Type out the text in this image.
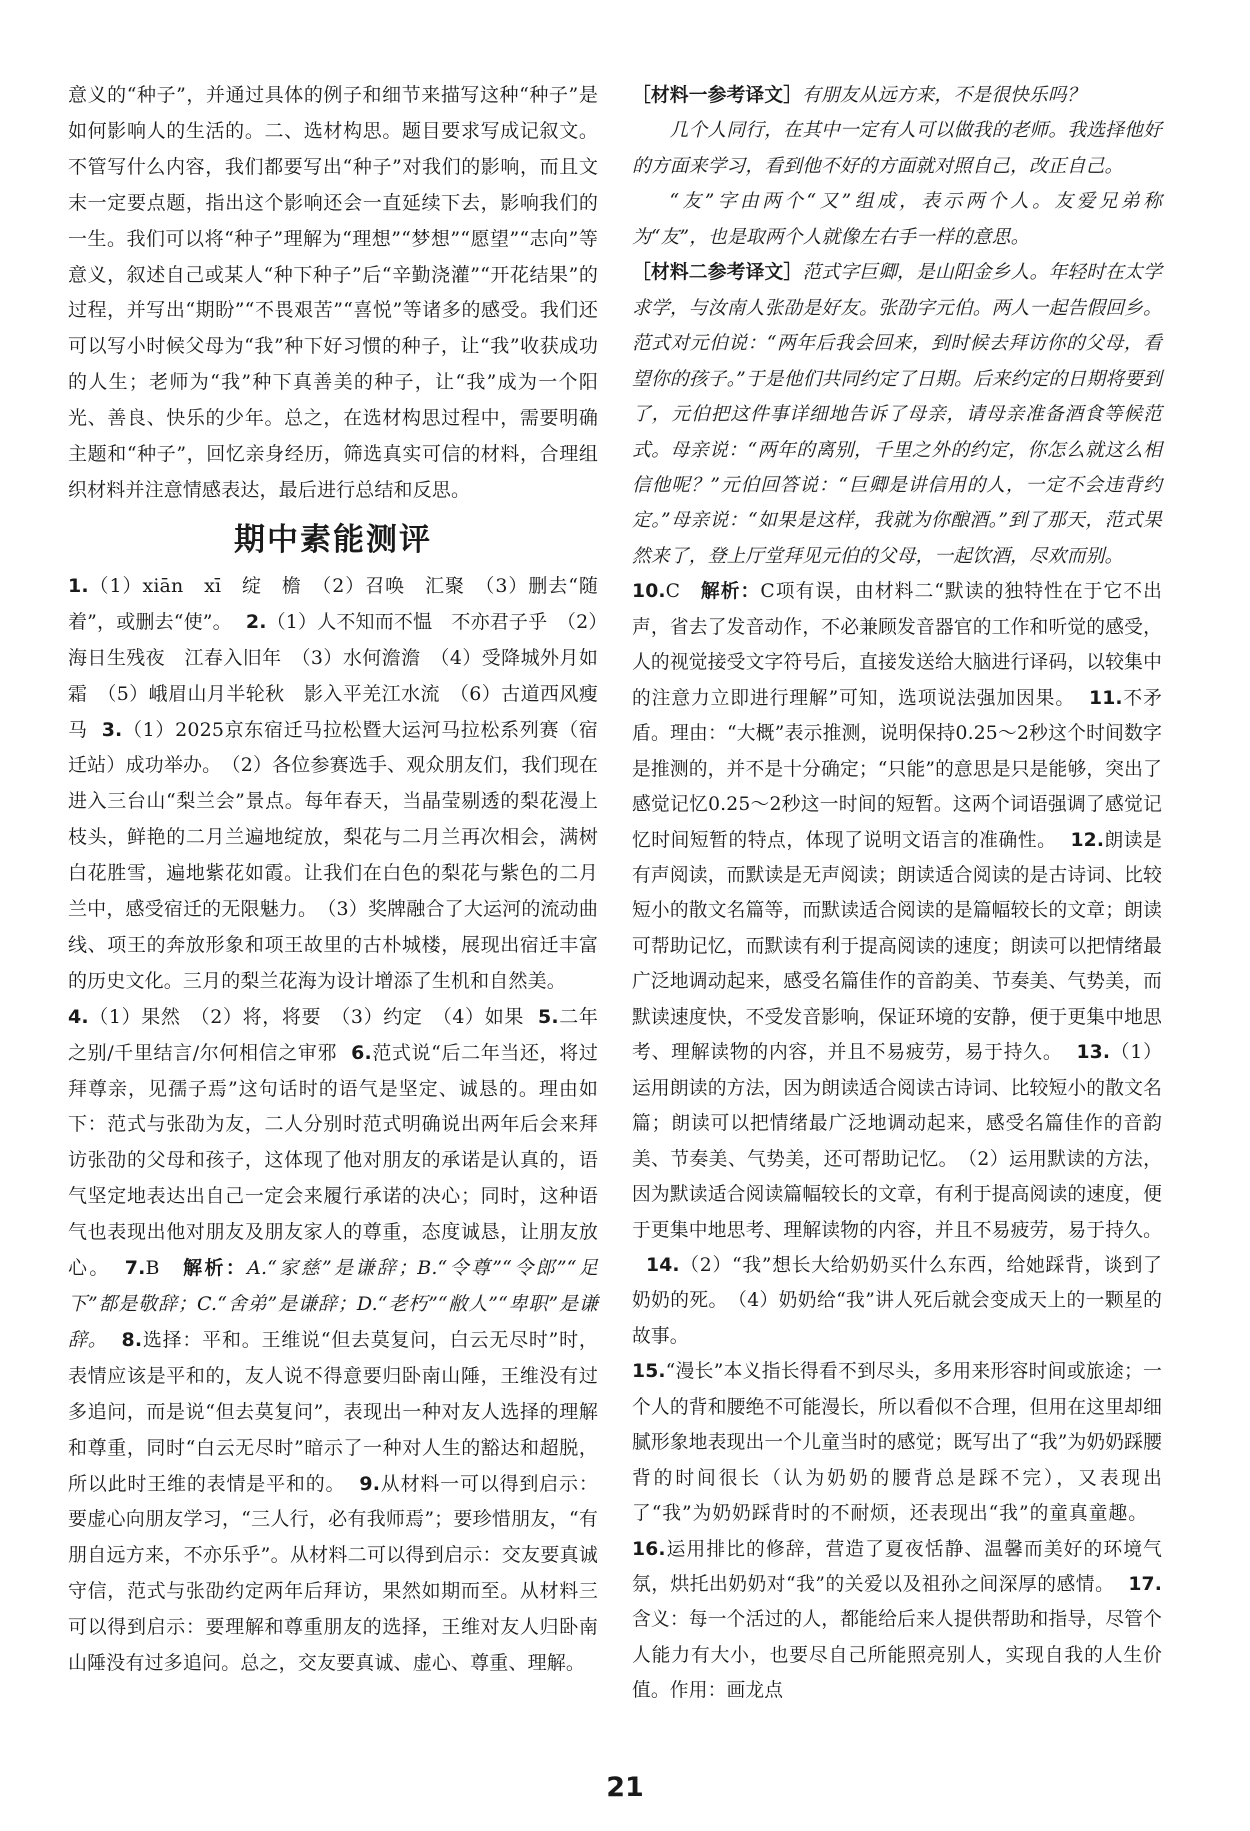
意义的“种子”，并通过具体的例子和细节来描写这种“种子”是如何影响人的生活的。二、选材构思。题目要求写成记叙文。不管写什么内容，我们都要写出“种子”对我们的影响，而且文末一定要点题，指出这个影响还会一直延续下去，影响我们的一生。我们可以将“种子”理解为“理想”“梦想”“愿望”“志向”等意义，叙述自己或某人“种下种子”后“辛勤浇灌”“开花结果”的过程，并写出“期盼”“不畏艰苦”“喜悦”等诸多的感受。我们还可以写小时候父母为“我”种下好习惯的种子，让“我”收获成功的人生；老师为“我”种下真善美的种子，让“我”成为一个阳光、善良、快乐的少年。总之，在选材构思过程中，需要明确主题和“种子”，回忆亲身经历，筛选真实可信的材料，合理组织材料并注意情感表达，最后进行总结和反思。

期中素能测评

1.（1）xiān　xī　绽　檐　（2）召唤　汇聚　（3）删去“随着”，或删去“使”。 2.（1）人不知而不愠　不亦君子乎　（2）海日生残夜　江春入旧年　（3）水何澹澹　（4）受降城外月如霜　（5）峨眉山月半轮秋　影入平羌江水流　（6）古道西风瘦马 3.（1）2025京东宿迁马拉松暨大运河马拉松系列赛（宿迁站）成功举办。　（2）各位参赛选手、观众朋友们，我们现在进入三台山“梨兰会”景点。每年春天，当晶莹剔透的梨花漫上枝头，鲜艳的二月兰遍地绽放，梨花与二月兰再次相会，满树白花胜雪，遍地紫花如霞。让我们在白色的梨花与紫色的二月兰中，感受宿迁的无限魅力。　（3）奖牌融合了大运河的流动曲线、项王的奔放形象和项王故里的古朴城楼，展现出宿迁丰富的历史文化。三月的梨兰花海为设计增添了生机和自然美。
4.（1）果然　（2）将，将要　（3）约定　（4）如果 5.二年之别/千里结言/尔何相信之审邪 6.范式说“后二年当还，将过拜尊亲，见孺子焉”这句话时的语气是坚定、诚恳的。理由如下：范式与张劭为友，二人分别时范式明确说出两年后会来拜访张劭的父母和孩子，这体现了他对朋友的承诺是认真的，语气坚定地表达出自己一定会来履行承诺的决心；同时，这种语气也表现出他对朋友及朋友家人的尊重，态度诚恳，让朋友放心。 7.B　解析：A.“家慈”是谦辞；B.“令尊”“令郎”“足下”都是敬辞；C.“舍弟”是谦辞；D.“老朽”“敝人”“卑职”是谦辞。 8.选择：平和。王维说“但去莫复问，白云无尽时”时，表情应该是平和的，友人说不得意要归卧南山陲，王维没有过多追问，而是说“但去莫复问”，表现出一种对友人选择的理解和尊重，同时“白云无尽时”暗示了一种对人生的豁达和超脱，所以此时王维的表情是平和的。 9.从材料一可以得到启示：要虚心向朋友学习，“三人行，必有我师焉”；要珍惜朋友，“有朋自远方来，不亦乐乎”。从材料二可以得到启示：交友要真诚守信，范式与张劭约定两年后拜访，果然如期而至。从材料三可以得到启示：要理解和尊重朋友的选择，王维对友人归卧南山陲没有过多追问。总之，交友要真诚、虚心、尊重、理解。

［材料一参考译文］有朋友从远方来，不是很快乐吗？

几个人同行，在其中一定有人可以做我的老师。我选择他好的方面来学习，看到他不好的方面就对照自己，改正自己。

“友”字由两个“又”组成，表示两个人。友爱兄弟称为“友”，也是取两个人就像左右手一样的意思。

［材料二参考译文］范式字巨卿，是山阳金乡人。年轻时在太学求学，与汝南人张劭是好友。张劭字元伯。两人一起告假回乡。范式对元伯说：“两年后我会回来，到时候去拜访你的父母，看望你的孩子。”于是他们共同约定了日期。后来约定的日期将要到了，元伯把这件事详细地告诉了母亲，请母亲准备酒食等候范式。母亲说：“两年的离别，千里之外的约定，你怎么就这么相信他呢？”元伯回答说：“巨卿是讲信用的人，一定不会违背约定。”母亲说：“如果是这样，我就为你酿酒。”到了那天，范式果然来了，登上厅堂拜见元伯的父母，一起饮酒，尽欢而别。

10.C　解析：C项有误，由材料二“默读的独特性在于它不出声，省去了发音动作，不必兼顾发音器官的工作和听觉的感受，人的视觉接受文字符号后，直接发送给大脑进行译码，以较集中的注意力立即进行理解”可知，选项说法强加因果。 11.不矛盾。理由：“大概”表示推测，说明保持0.25～2秒这个时间数字是推测的，并不是十分确定；“只能”的意思是只是能够，突出了感觉记忆0.25～2秒这一时间的短暂。这两个词语强调了感觉记忆时间短暂的特点，体现了说明文语言的准确性。 12.朗读是有声阅读，而默读是无声阅读；朗读适合阅读的是古诗词、比较短小的散文名篇等，而默读适合阅读的是篇幅较长的文章；朗读可帮助记忆，而默读有利于提高阅读的速度；朗读可以把情绪最广泛地调动起来，感受名篇佳作的音韵美、节奏美、气势美，而默读速度快，不受发音影响，保证环境的安静，便于更集中地思考、理解读物的内容，并且不易疲劳，易于持久。 13.（1）运用朗读的方法，因为朗读适合阅读古诗词、比较短小的散文名篇；朗读可以把情绪最广泛地调动起来，感受名篇佳作的音韵美、节奏美、气势美，还可帮助记忆。　（2）运用默读的方法，因为默读适合阅读篇幅较长的文章，有利于提高阅读的速度，便于更集中地思考、理解读物的内容，并且不易疲劳，易于持久。14.（2）“我”想长大给奶奶买什么东西，给她踩背，谈到了奶奶的死。　（4）奶奶给“我”讲人死后就会变成天上的一颗星的故事。
15.“漫长”本义指长得看不到尽头，多用来形容时间或旅途；一个人的背和腰绝不可能漫长，所以看似不合理，但用在这里却细腻形象地表现出一个儿童当时的感觉；既写出了“我”为奶奶踩腰背的时间很长（认为奶奶的腰背总是踩不完），又表现出了“我”为奶奶踩背时的不耐烦，还表现出“我”的童真童趣。16.运用排比的修辞，营造了夏夜恬静、温馨而美好的环境气氛，烘托出奶奶对“我”的关爱以及祖孙之间深厚的感情。 17.含义：每一个活过的人，都能给后来人提供帮助和指导，尽管个人能力有大小，也要尽自己所能照亮别人，实现自我的人生价值。作用：画龙点

21
